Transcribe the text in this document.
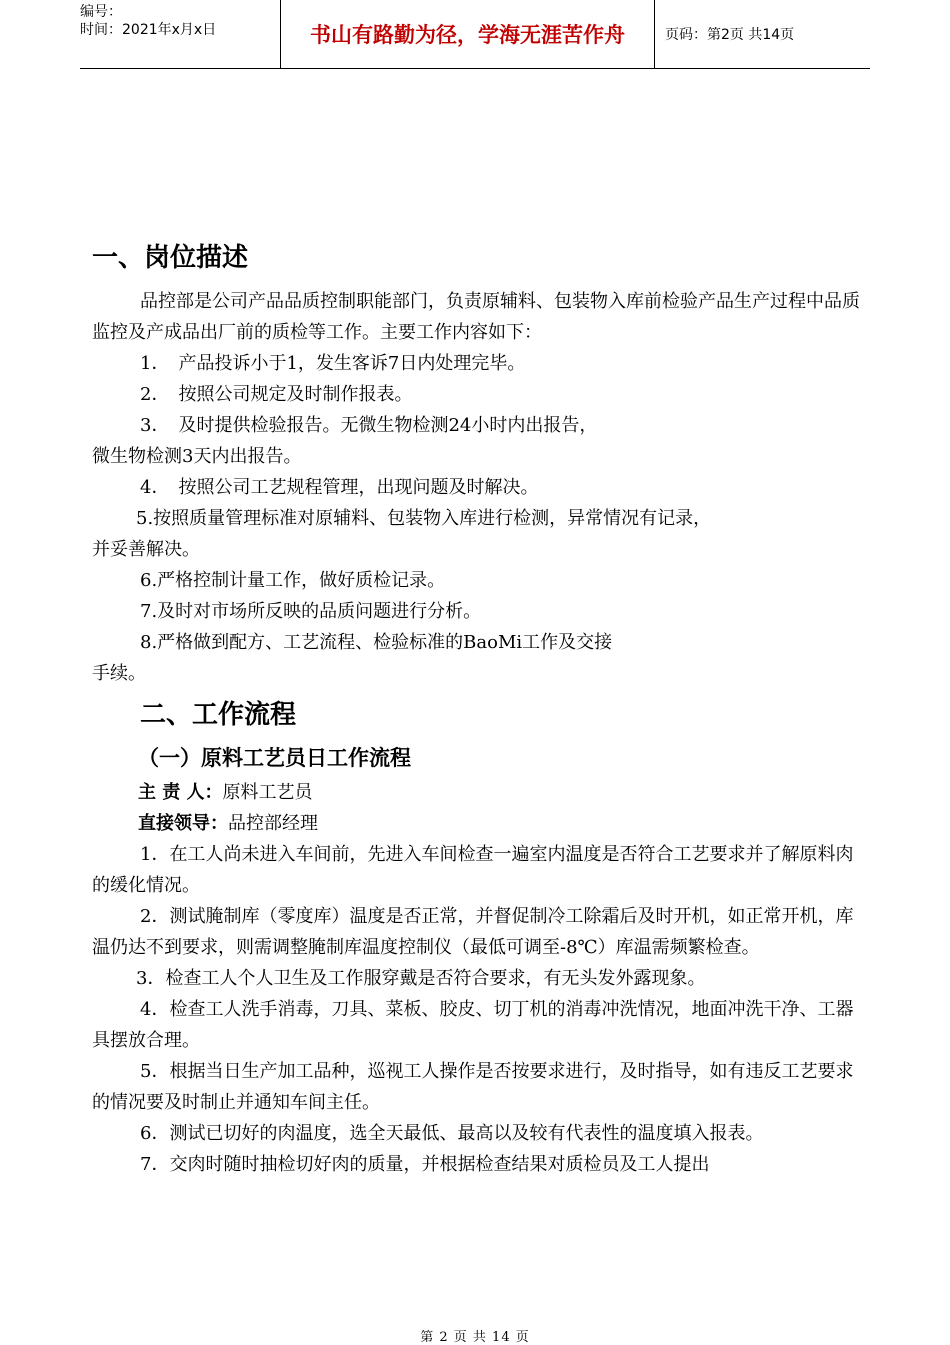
编号：
时间：2021年x月x日	书山有路勤为径，学海无涯苦作舟	页码：第2页 共14页
一、岗位描述

品控部是公司产品品质控制职能部门，负责原辅料、包装物入库前检验产品生产过程中品质监控及产成品出厂前的质检等工作。主要工作内容如下：

1．　产品投诉小于1，发生客诉7日内处理完毕。

2．　按照公司规定及时制作报表。

3．　及时提供检验报告。无微生物检测24小时内出报告，

微生物检测3天内出报告。

4．　按照公司工艺规程管理，出现问题及时解决。

5.按照质量管理标准对原辅料、包装物入库进行检测，异常情况有记录，

并妥善解决。

6.严格控制计量工作，做好质检记录。

7.及时对市场所反映的品质问题进行分析。

8.严格做到配方、工艺流程、检验标准的BaoMi工作及交接

手续。

二、工作流程
（一）原料工艺员日工作流程
主 责 人：原料工艺员
直接领导：品控部经理

1．在工人尚未进入车间前，先进入车间检查一遍室内温度是否符合工艺要求并了解原料肉的缓化情况。

2．测试腌制库（零度库）温度是否正常，并督促制冷工除霜后及时开机，如正常开机，库温仍达不到要求，则需调整腌制库温度控制仪（最低可调至-8℃）库温需频繁检查。

3．检查工人个人卫生及工作服穿戴是否符合要求，有无头发外露现象。

4．检查工人洗手消毒，刀具、菜板、胶皮、切丁机的消毒冲洗情况，地面冲洗干净、工器具摆放合理。

5．根据当日生产加工品种，巡视工人操作是否按要求进行，及时指导，如有违反工艺要求的情况要及时制止并通知车间主任。

6．测试已切好的肉温度，选全天最低、最高以及较有代表性的温度填入报表。

7．交肉时随时抽检切好肉的质量，并根据检查结果对质检员及工人提出

第 2 页 共 14 页
